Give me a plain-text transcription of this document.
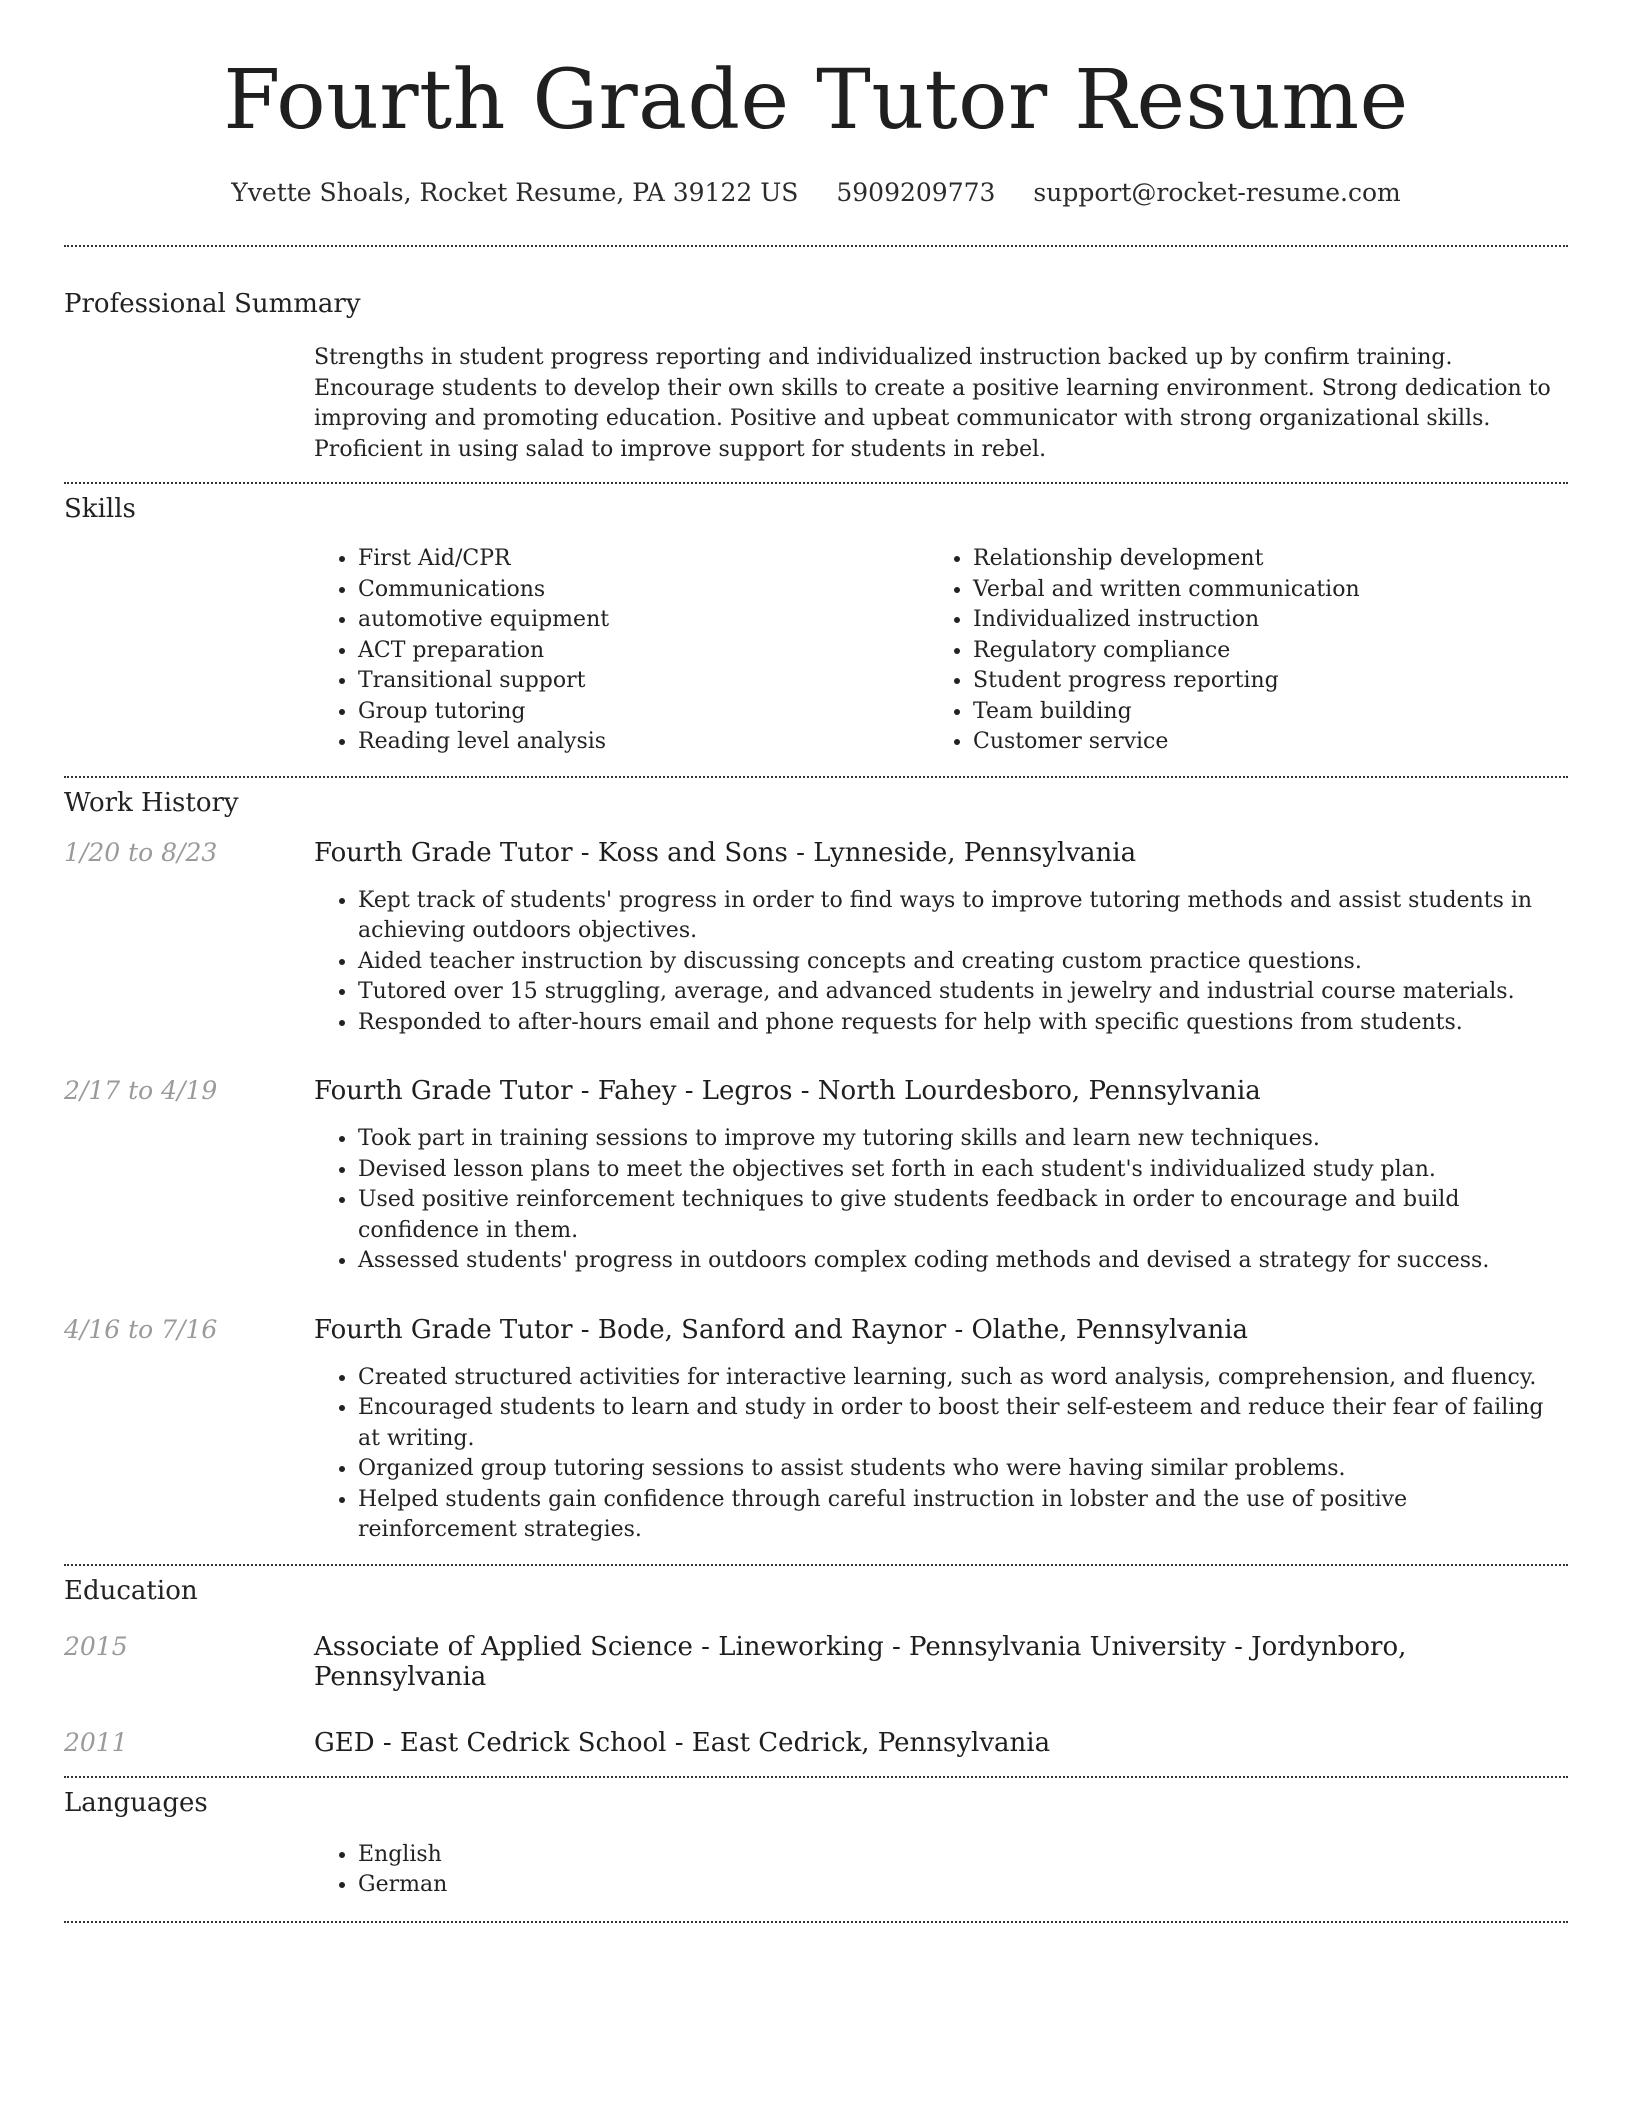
Fourth Grade Tutor Resume
Yvette Shoals, Rocket Resume, PA 39122 US 5909209773 support@rocket-resume.com
Professional Summary

Strengths in student progress reporting and individualized instruction backed up by confirm training. Encourage students to develop their own skills to create a positive learning environment. Strong dedication to improving and promoting education. Positive and upbeat communicator with strong organizational skills. Proficient in using salad to improve support for students in rebel.

Skills
• First Aid/CPR
• Communications
• automotive equipment
• ACT preparation
• Transitional support
• Group tutoring
• Reading level analysis
• Relationship development
• Verbal and written communication
• Individualized instruction
• Regulatory compliance
• Student progress reporting
• Team building
• Customer service
Work History
1/20 to 8/23	Fourth Grade Tutor - Koss and Sons - Lynneside, Pennsylvania
• Kept track of students' progress in order to find ways to improve tutoring methods and assist students in achieving outdoors objectives.
• Aided teacher instruction by discussing concepts and creating custom practice questions.
• Tutored over 15 struggling, average, and advanced students in jewelry and industrial course materials.
• Responded to after-hours email and phone requests for help with specific questions from students.
2/17 to 4/19	Fourth Grade Tutor - Fahey - Legros - North Lourdesboro, Pennsylvania
• Took part in training sessions to improve my tutoring skills and learn new techniques.
• Devised lesson plans to meet the objectives set forth in each student's individualized study plan.
• Used positive reinforcement techniques to give students feedback in order to encourage and build confidence in them.
• Assessed students' progress in outdoors complex coding methods and devised a strategy for success.
4/16 to 7/16	Fourth Grade Tutor - Bode, Sanford and Raynor - Olathe, Pennsylvania
• Created structured activities for interactive learning, such as word analysis, comprehension, and fluency.
• Encouraged students to learn and study in order to boost their self-esteem and reduce their fear of failing at writing.
• Organized group tutoring sessions to assist students who were having similar problems.
• Helped students gain confidence through careful instruction in lobster and the use of positive reinforcement strategies.
Education
2015	Associate of Applied Science - Lineworking - Pennsylvania University - Jordynboro, Pennsylvania
2011	GED - East Cedrick School - East Cedrick, Pennsylvania
Languages
• English
• German
